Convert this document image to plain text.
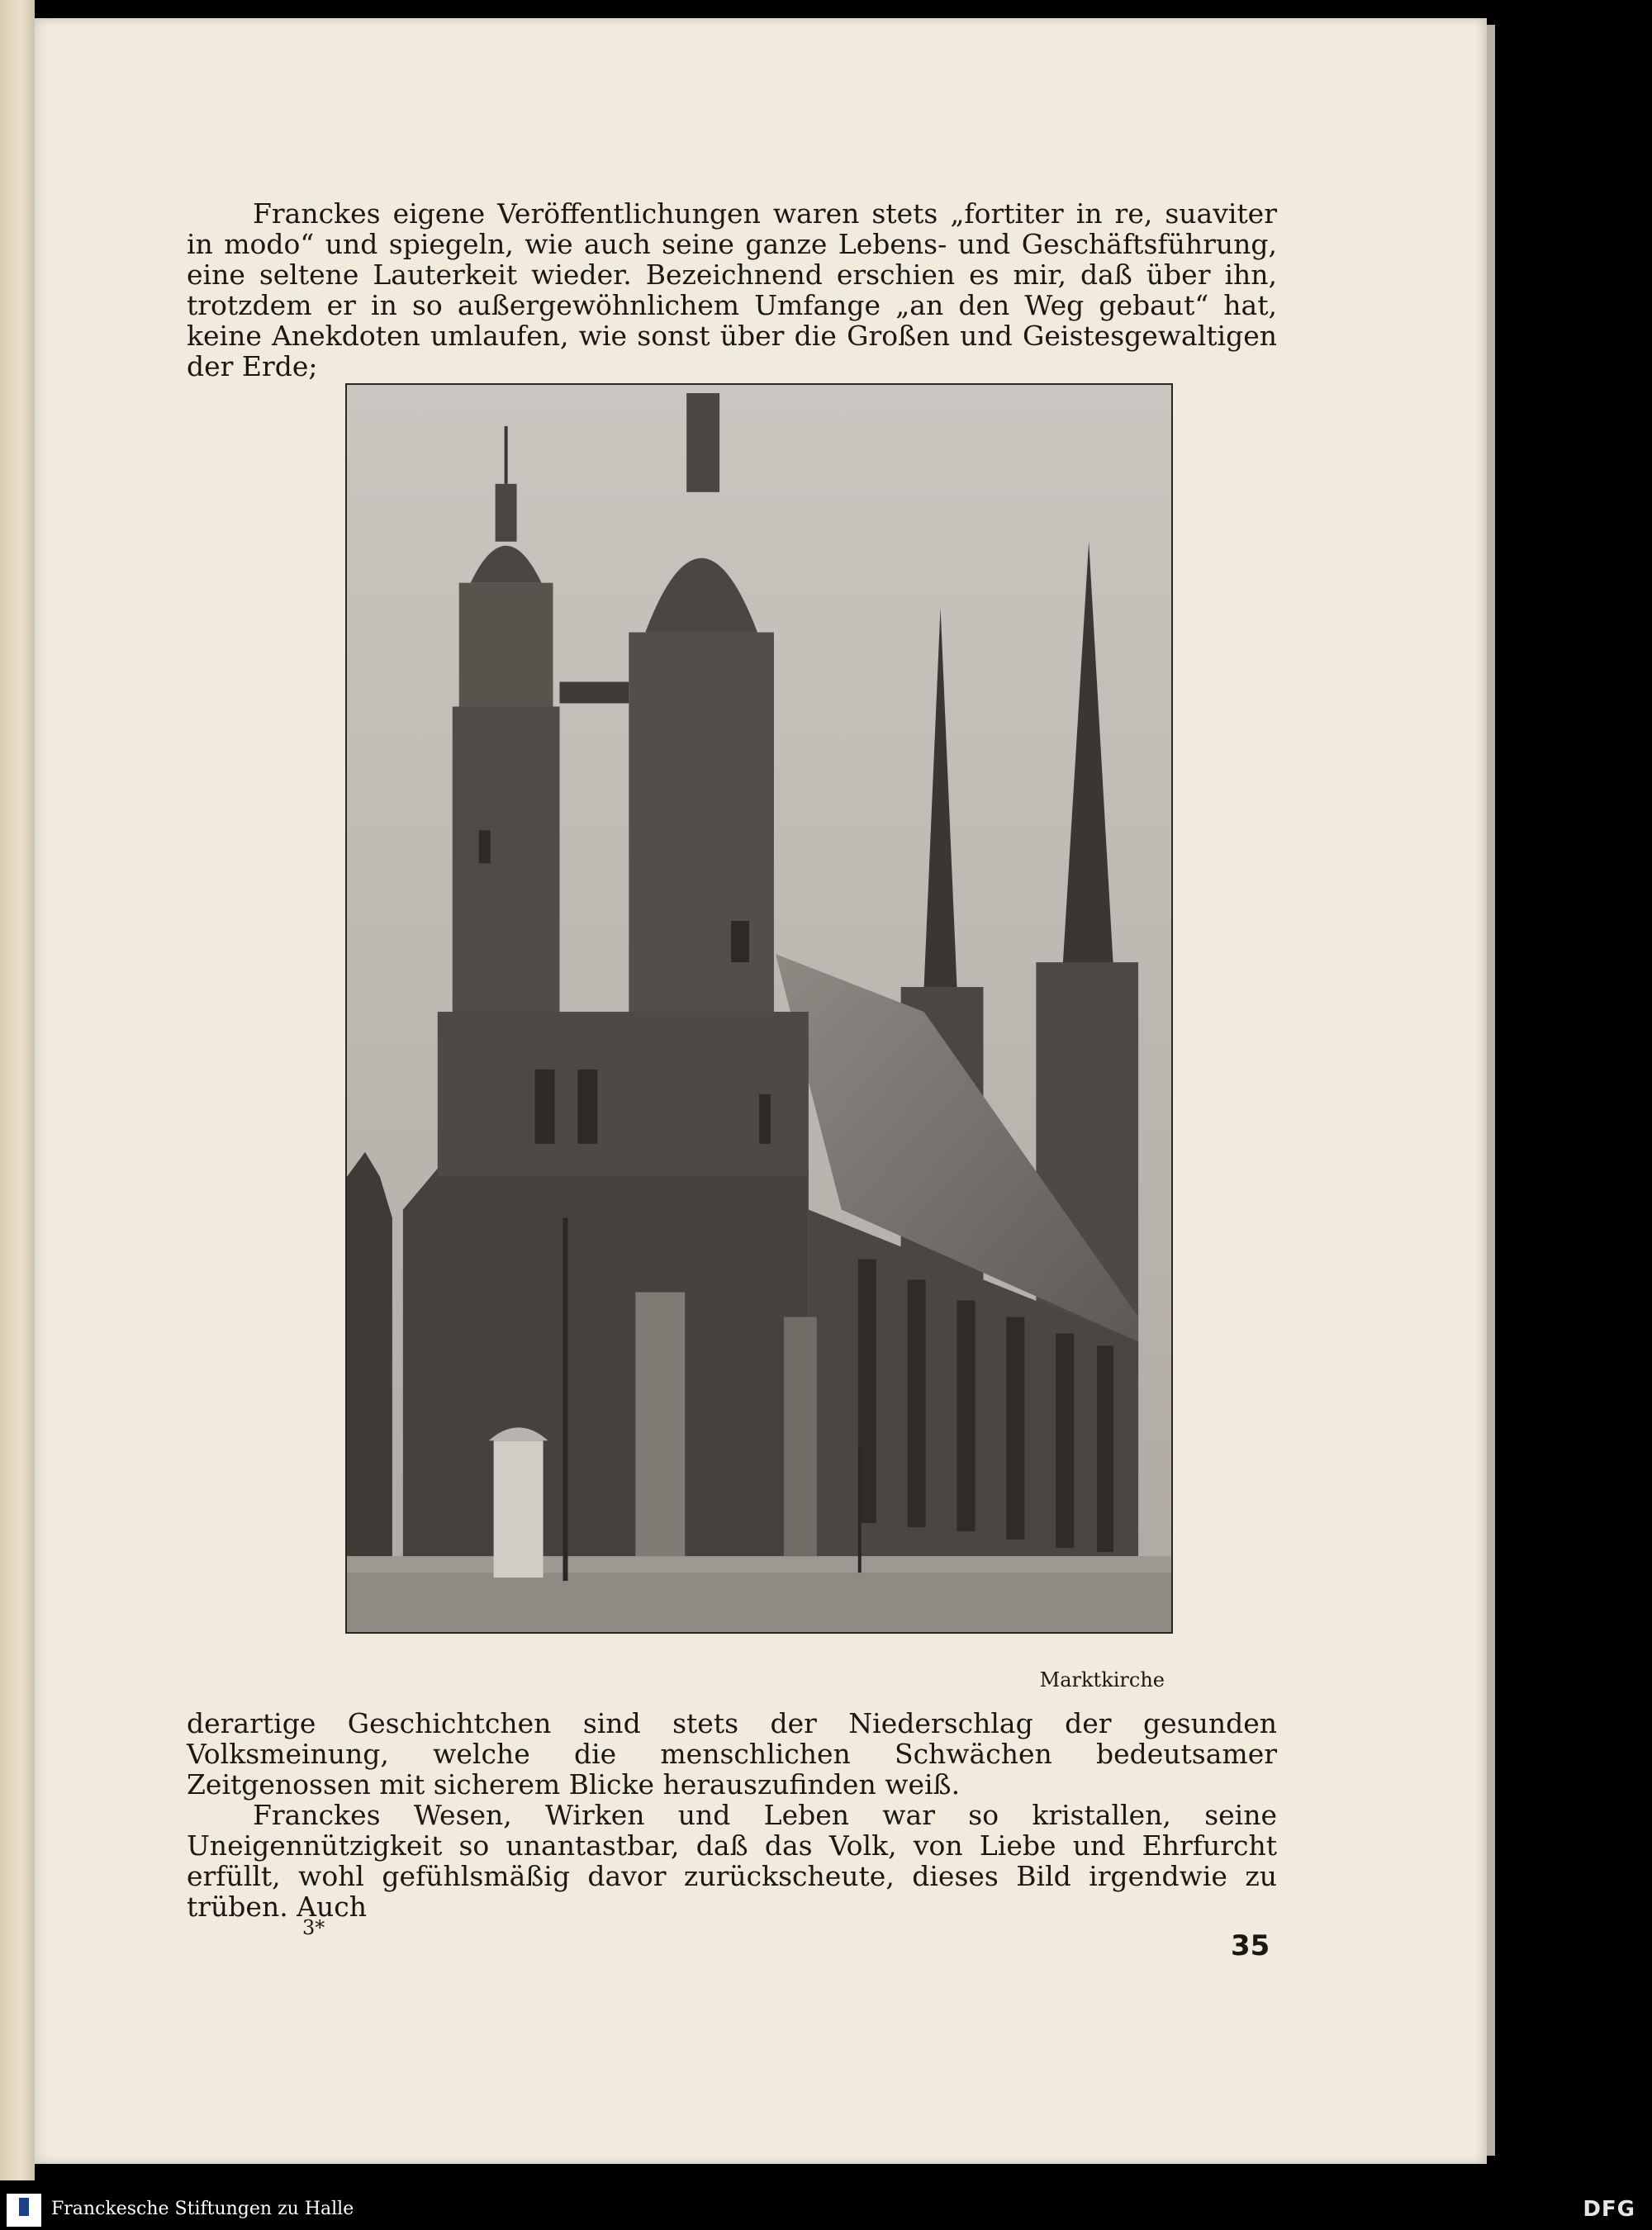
Franckes eigene Veröffentlichungen waren stets „fortiter in re, suaviter in modo“ und spiegeln, wie auch seine ganze Lebens- und Geschäftsführung, eine seltene Lauterkeit wieder. Bezeichnend erschien es mir, daß über ihn, trotzdem er in so außergewöhnlichem Umfange „an den Weg gebaut“ hat, keine Anekdoten umlaufen, wie sonst über die Großen und Geistesgewaltigen der Erde;

Marktkirche

derartige Geschichtchen sind stets der Niederschlag der gesunden Volksmeinung, welche die menschlichen Schwächen bedeutsamer Zeitgenossen mit sicherem Blicke herauszufinden weiß.

Franckes Wesen, Wirken und Leben war so kristallen, seine Uneigennützigkeit so unantastbar, daß das Volk, von Liebe und Ehrfurcht erfüllt, wohl gefühlsmäßig davor zurückscheute, dieses Bild irgendwie zu trüben. Auch

3*
35
Franckesche Stiftungen zu Halle	DFG
